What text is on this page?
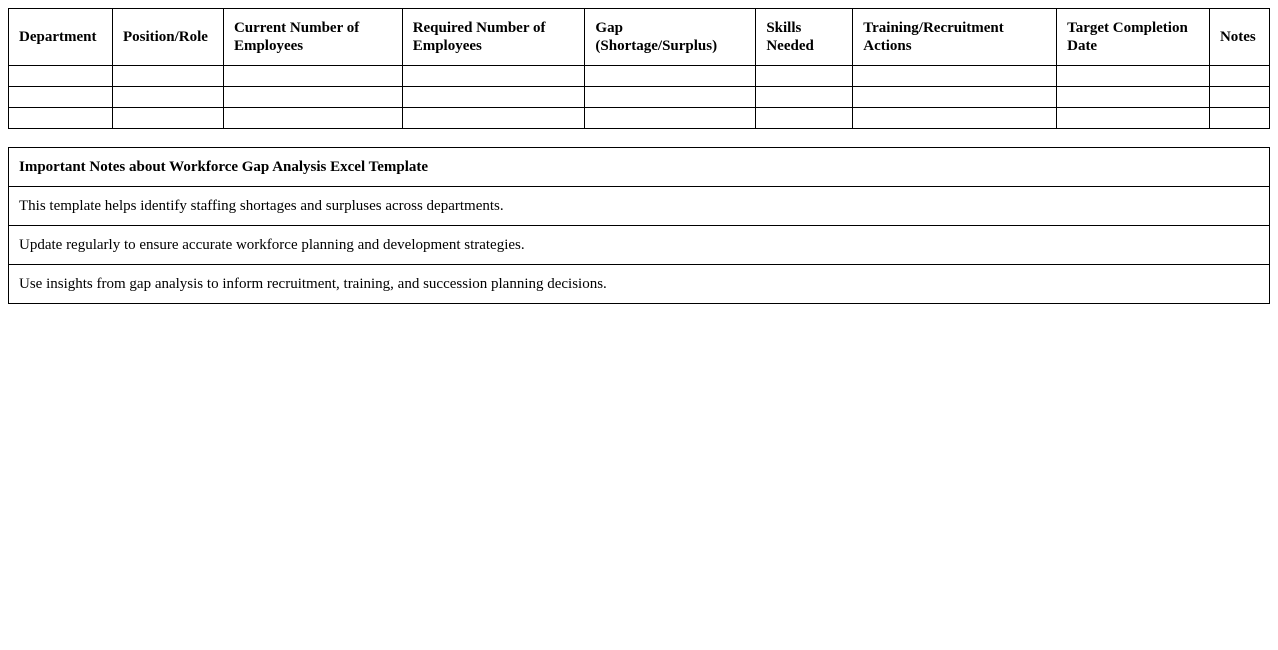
Department	Position/Role	Current Number of Employees	Required Number of Employees	Gap (Shortage/Surplus)	Skills Needed	Training/Recruitment Actions	Target Completion Date	Notes

Important Notes about Workforce Gap Analysis Excel Template
This template helps identify staffing shortages and surpluses across departments.
Update regularly to ensure accurate workforce planning and development strategies.
Use insights from gap analysis to inform recruitment, training, and succession planning decisions.
